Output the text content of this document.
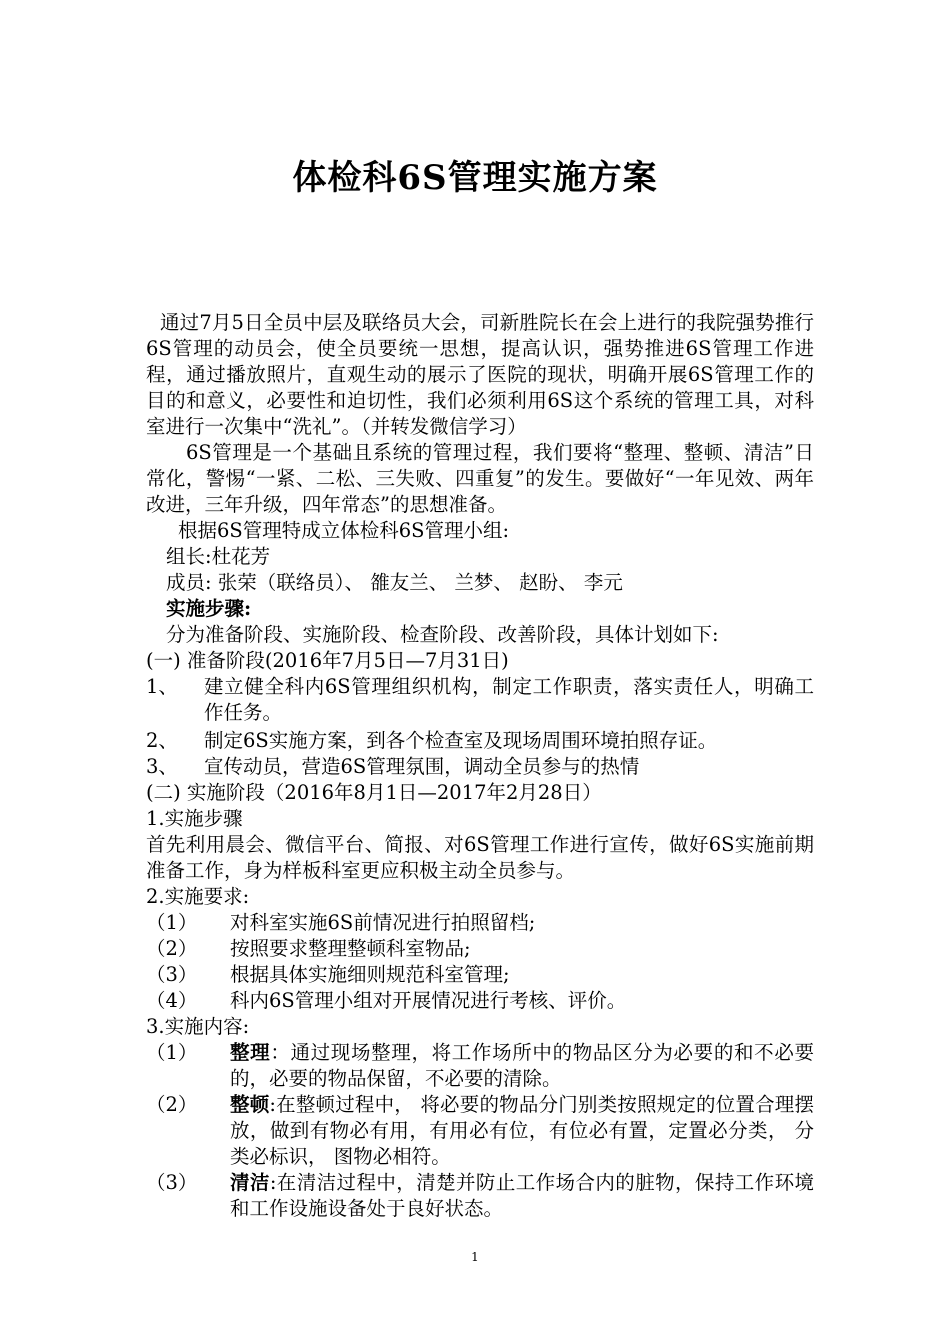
体检科6S管理实施方案

通过7月5日全员中层及联络员大会，司新胜院长在会上进行的我院强势推行6S管理的动员会，使全员要统一思想，提高认识，强势推进6S管理工作进程，通过播放照片，直观生动的展示了医院的现状，明确开展6S管理工作的目的和意义，必要性和迫切性，我们必须利用6S这个系统的管理工具，对科室进行一次集中“洗礼”。（并转发微信学习）

6S管理是一个基础且系统的管理过程，我们要将“整理、整顿、清洁”日常化，警惕“一紧、二松、三失败、四重复”的发生。要做好“一年见效、两年改进，三年升级，四年常态”的思想准备。

根据6S管理特成立体检科6S管理小组:

组长:杜花芳

成员: 张荣（联络员）、 雒友兰、 兰梦、 赵盼、 李元

实施步骤:

分为准备阶段、实施阶段、检查阶段、改善阶段，具体计划如下:

(一) 准备阶段(2016年7月5日—7月31日)

1、	建立健全科内6S管理组织机构，制定工作职责，落实责任人，明确工作任务。
2、	制定6S实施方案，到各个检查室及现场周围环境拍照存证。
3、	宣传动员，营造6S管理氛围，调动全员参与的热情

(二) 实施阶段（2016年8月1日—2017年2月28日）

1.实施步骤

首先利用晨会、微信平台、简报、对6S管理工作进行宣传，做好6S实施前期准备工作，身为样板科室更应积极主动全员参与。

2.实施要求:

（1）	对科室实施6S前情况进行拍照留档;
（2）	按照要求整理整顿科室物品;
（3）	根据具体实施细则规范科室管理;
（4）	科内6S管理小组对开展情况进行考核、评价。

3.实施内容:

（1）	整理：通过现场整理，将工作场所中的物品区分为必要的和不必要的，必要的物品保留，不必要的清除。
（2）	整顿:在整顿过程中， 将必要的物品分门别类按照规定的位置合理摆放，做到有物必有用，有用必有位，有位必有置，定置必分类， 分类必标识， 图物必相符。
（3）	清洁:在清洁过程中，清楚并防止工作场合内的脏物，保持工作环境和工作设施设备处于良好状态。
1
